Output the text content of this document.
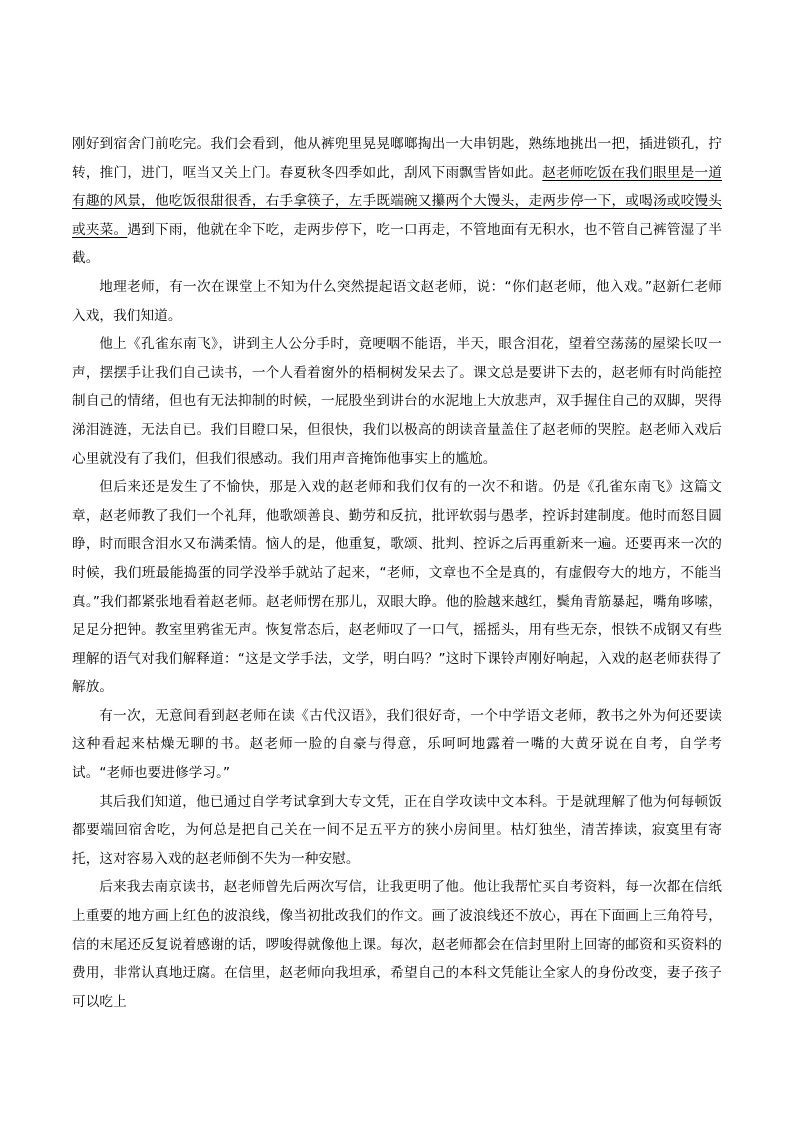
刚好到宿舍门前吃完。我们会看到，他从裤兜里晃晃啷啷掏出一大串钥匙，熟练地挑出一把，插进锁孔，拧转，推门，进门，哐当又关上门。春夏秋冬四季如此，刮风下雨飘雪皆如此。赵老师吃饭在我们眼里是一道有趣的风景，他吃饭很甜很香，右手拿筷子，左手既端碗又攥两个大馒头，走两步停一下，或喝汤或咬馒头或夹菜。遇到下雨，他就在伞下吃，走两步停下，吃一口再走，不管地面有无积水，也不管自己裤管湿了半截。

地理老师，有一次在课堂上不知为什么突然提起语文赵老师，说：“你们赵老师，他入戏。”赵新仁老师入戏，我们知道。

他上《孔雀东南飞》，讲到主人公分手时，竟哽咽不能语，半天，眼含泪花，望着空荡荡的屋梁长叹一声，摆摆手让我们自己读书，一个人看着窗外的梧桐树发呆去了。课文总是要讲下去的，赵老师有时尚能控制自己的情绪，但也有无法抑制的时候，一屁股坐到讲台的水泥地上大放悲声，双手握住自己的双脚，哭得涕泪涟涟，无法自已。我们目瞪口呆，但很快，我们以极高的朗读音量盖住了赵老师的哭腔。赵老师入戏后心里就没有了我们，但我们很感动。我们用声音掩饰他事实上的尴尬。

但后来还是发生了不愉快，那是入戏的赵老师和我们仅有的一次不和谐。仍是《孔雀东南飞》这篇文章，赵老师教了我们一个礼拜，他歌颂善良、勤劳和反抗，批评软弱与愚孝，控诉封建制度。他时而怒目圆睁，时而眼含泪水又布满柔情。恼人的是，他重复，歌颂、批判、控诉之后再重新来一遍。还要再来一次的时候，我们班最能捣蛋的同学没举手就站了起来，“老师，文章也不全是真的，有虚假夸大的地方，不能当真。”我们都紧张地看着赵老师。赵老师愣在那儿，双眼大睁。他的脸越来越红，鬓角青筋暴起，嘴角哆嗦，足足分把钟。教室里鸦雀无声。恢复常态后，赵老师叹了一口气，摇摇头，用有些无奈，恨铁不成钢又有些理解的语气对我们解释道：“这是文学手法，文学，明白吗？”这时下课铃声刚好响起，入戏的赵老师获得了解放。

有一次，无意间看到赵老师在读《古代汉语》，我们很好奇，一个中学语文老师，教书之外为何还要读这种看起来枯燥无聊的书。赵老师一脸的自豪与得意，乐呵呵地露着一嘴的大黄牙说在自考，自学考试。“老师也要进修学习。”

其后我们知道，他已通过自学考试拿到大专文凭，正在自学攻读中文本科。于是就理解了他为何每顿饭都要端回宿舍吃，为何总是把自己关在一间不足五平方的狭小房间里。枯灯独坐，清苦捧读，寂寞里有寄托，这对容易入戏的赵老师倒不失为一种安慰。

后来我去南京读书，赵老师曾先后两次写信，让我更明了他。他让我帮忙买自考资料，每一次都在信纸上重要的地方画上红色的波浪线，像当初批改我们的作文。画了波浪线还不放心，再在下面画上三角符号，信的末尾还反复说着感谢的话，啰唆得就像他上课。每次，赵老师都会在信封里附上回寄的邮资和买资料的费用，非常认真地迂腐。在信里，赵老师向我坦承，希望自己的本科文凭能让全家人的身份改变，妻子孩子可以吃上
